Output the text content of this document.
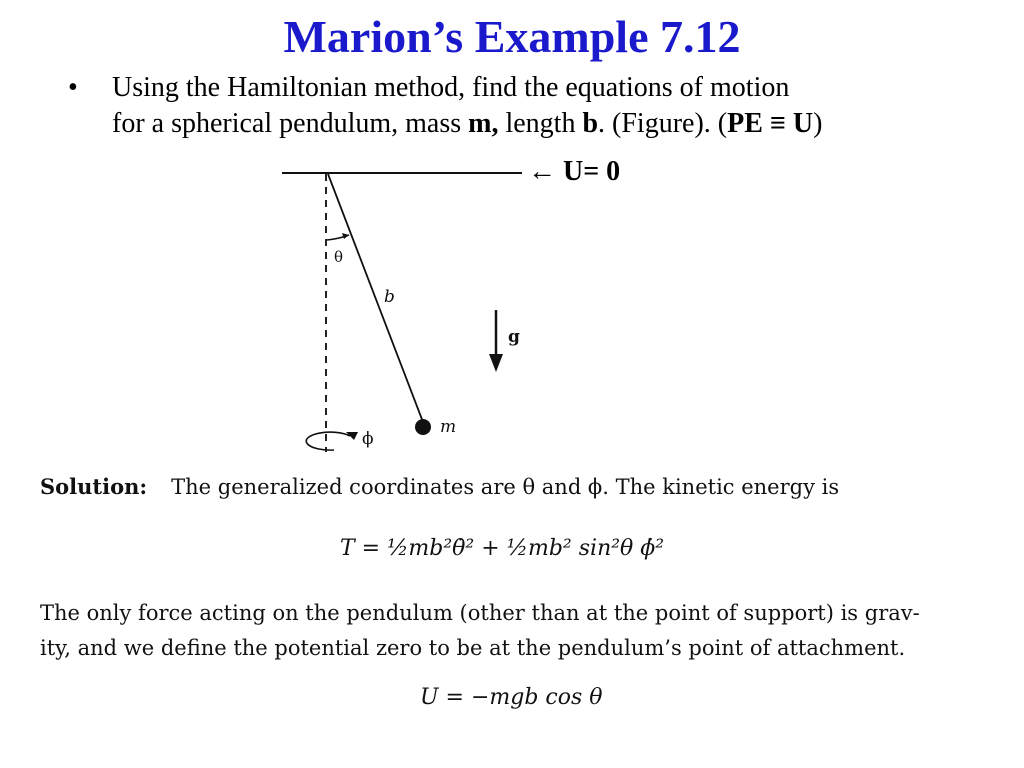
Marion’s Example 7.12
• Using the Hamiltonian method, find the equations of motion
for a spherical pendulum, mass m, length b. (Figure). (PE ≡ U)
← U= 0
θ
b
g
m
ϕ
Solution: The generalized coordinates are θ and ϕ. The kinetic energy is
T = ½mb²θ̇² + ½mb² sin²θ ϕ̇²
The only force acting on the pendulum (other than at the point of support) is grav-
ity, and we define the potential zero to be at the pendulum’s point of attachment.
U = −mgb cos θ
